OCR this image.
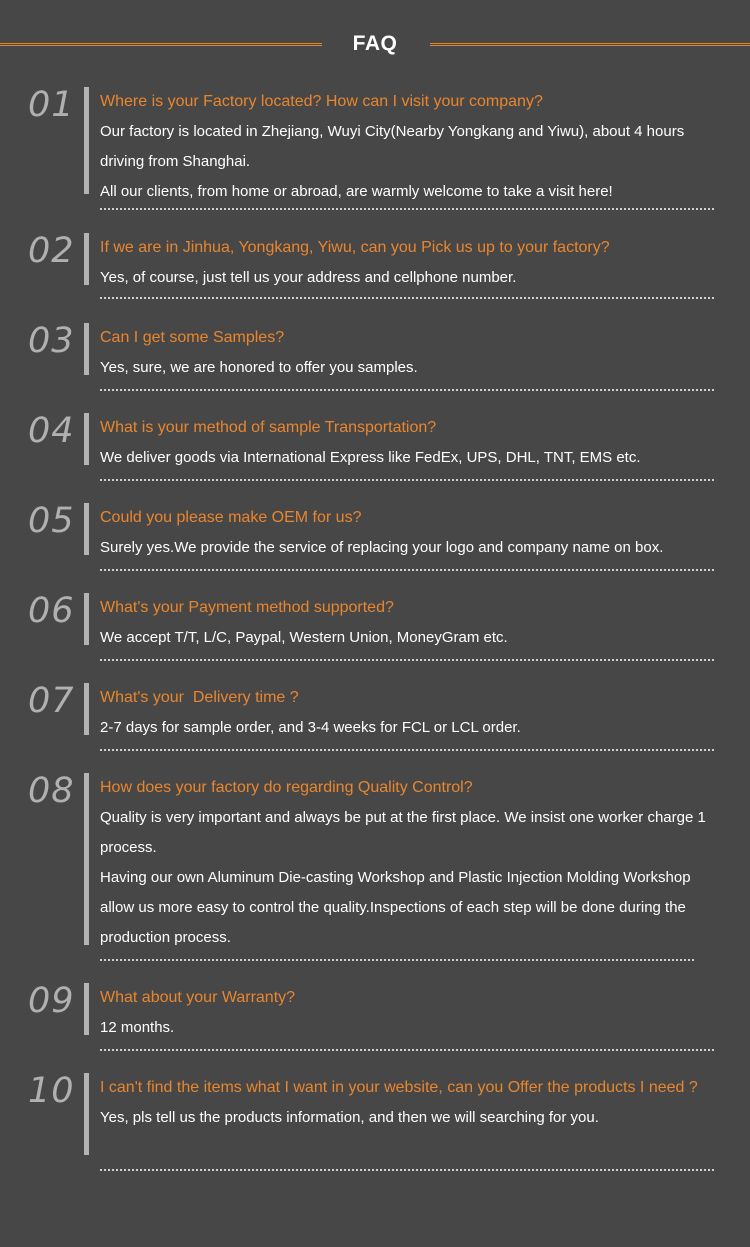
FAQ
01 Where is your Factory located? How can I visit your company?

Our factory is located in Zhejiang, Wuyi City(Nearby Yongkang and Yiwu), about 4 hours driving from Shanghai.

All our clients, from home or abroad, are warmly welcome to take a visit here!

02 If we are in Jinhua, Yongkang, Yiwu, can you Pick us up to your factory?

Yes, of course, just tell us your address and cellphone number.

03 Can I get some Samples?

Yes, sure, we are honored to offer you samples.

04 What is your method of sample Transportation?

We deliver goods via International Express like FedEx, UPS, DHL, TNT, EMS etc.

05 Could you please make OEM for us?

Surely yes.We provide the service of replacing your logo and company name on box.

06 What's your Payment method supported?

We accept T/T, L/C, Paypal, Western Union, MoneyGram etc.

07 What's your  Delivery time ?

2-7 days for sample order, and 3-4 weeks for FCL or LCL order.

08 How does your factory do regarding Quality Control?

Quality is very important and always be put at the first place. We insist one worker charge 1 process.

Having our own Aluminum Die-casting Workshop and Plastic Injection Molding Workshop allow us more easy to control the quality.Inspections of each step will be done during the production process.

09 What about your Warranty?

12 months.

10 I can't find the items what I want in your website, can you Offer the products I need ?

Yes, pls tell us the products information, and then we will searching for you.
